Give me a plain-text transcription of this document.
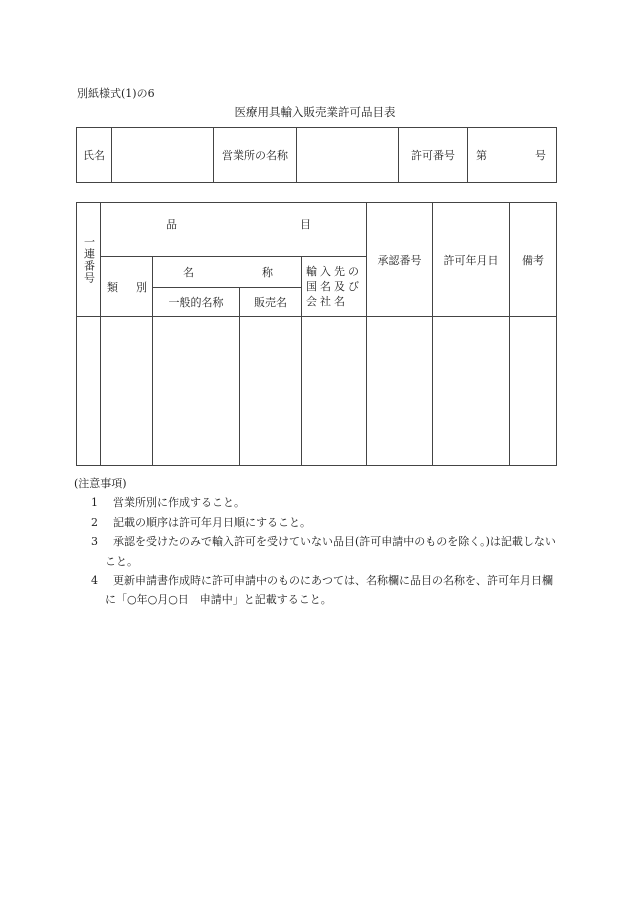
別紙様式(1)の6
医療用具輸入販売業許可品目表
氏名		営業所の名称		許可番号	第	号
一連番号	品 目				承認番号	許可年月日	備考

	類 別	名 称		輸入先の国名及び会社名			

		一般的名称	販売名				

(注意事項)
1 営業所別に作成すること。
2 記載の順序は許可年月日順にすること。
3 承認を受けたのみで輸入許可を受けていない品目(許可申請中のものを除く。)は記載しないこと。
4 更新申請書作成時に許可申請中のものにあつては、名称欄に品目の名称を、許可年月日欄に「○年○月○日　申請中」と記載すること。
